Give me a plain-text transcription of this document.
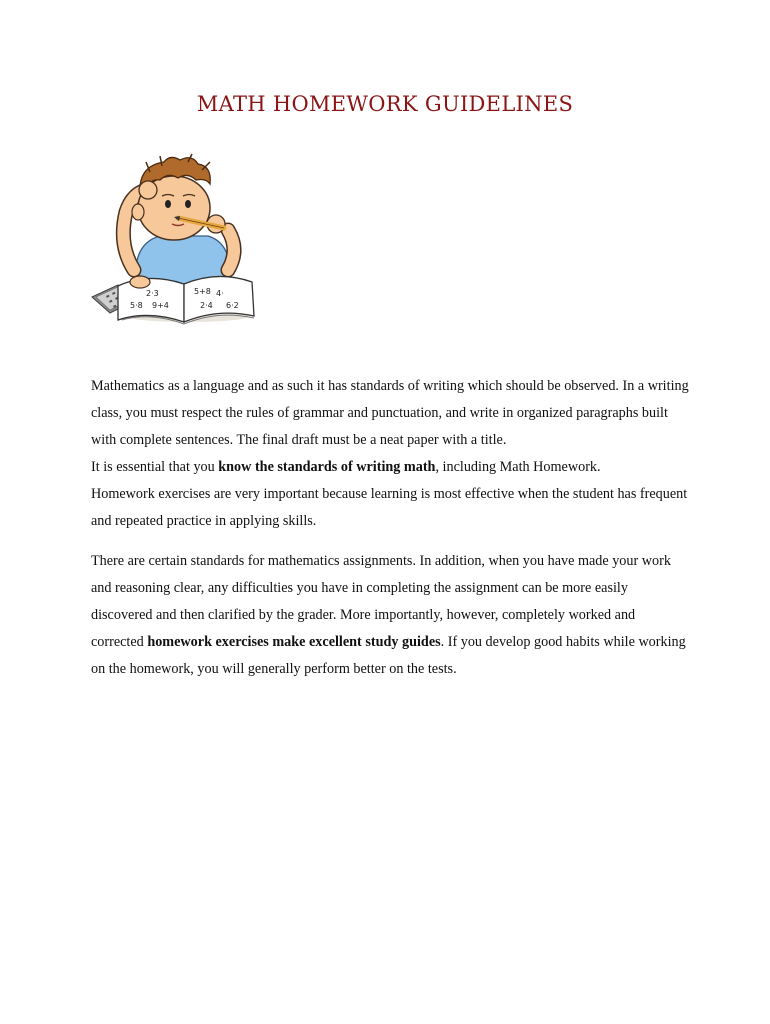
MATH HOMEWORK GUIDELINES
2·3
5·8 9+4
5+8 4·
2·4 6·2

Mathematics as a language and as such it has standards of writing which should be observed. In a writing class, you must respect the rules of grammar and punctuation, and write in organized paragraphs built with complete sentences. The final draft must be a neat paper with a title.

It is essential that you know the standards of writing math, including Math Homework.

Homework exercises are very important because learning is most effective when the student has frequent and repeated practice in applying skills.

There are certain standards for mathematics assignments. In addition, when you have made your work and reasoning clear, any difficulties you have in completing the assignment can be more easily discovered and then clarified by the grader. More importantly, however, completely worked and corrected homework exercises make excellent study guides. If you develop good habits while working on the homework, you will generally perform better on the tests.
